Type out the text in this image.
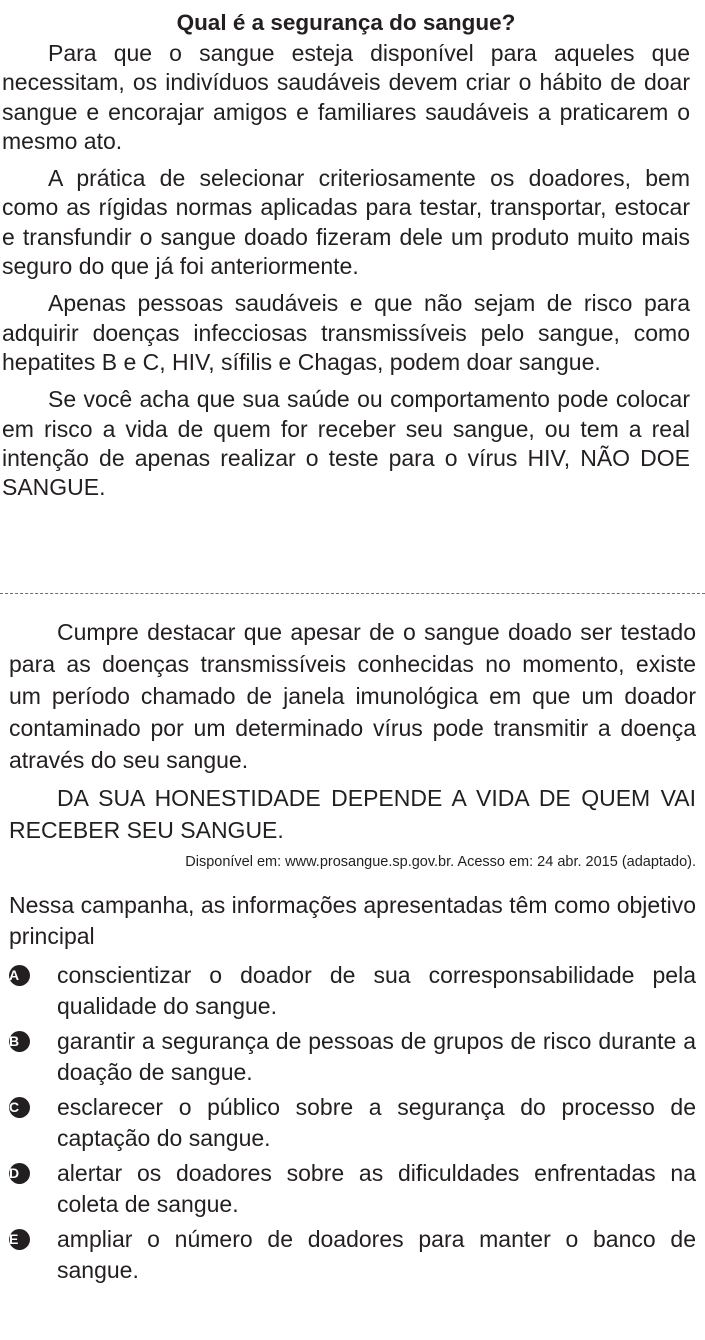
Qual é a segurança do sangue?

Para que o sangue esteja disponível para aqueles que necessitam, os indivíduos saudáveis devem criar o hábito de doar sangue e encorajar amigos e familiares saudáveis a praticarem o mesmo ato.

A prática de selecionar criteriosamente os doadores, bem como as rígidas normas aplicadas para testar, transportar, estocar e transfundir o sangue doado fizeram dele um produto muito mais seguro do que já foi anteriormente.

Apenas pessoas saudáveis e que não sejam de risco para adquirir doenças infecciosas transmissíveis pelo sangue, como hepatites B e C, HIV, sífilis e Chagas, podem doar sangue.

Se você acha que sua saúde ou comportamento pode colocar em risco a vida de quem for receber seu sangue, ou tem a real intenção de apenas realizar o teste para o vírus HIV, NÃO DOE SANGUE.

Cumpre destacar que apesar de o sangue doado ser testado para as doenças transmissíveis conhecidas no momento, existe um período chamado de janela imunológica em que um doador contaminado por um determinado vírus pode transmitir a doença através do seu sangue.

DA SUA HONESTIDADE DEPENDE A VIDA DE QUEM VAI RECEBER SEU SANGUE.

Disponível em: www.prosangue.sp.gov.br. Acesso em: 24 abr. 2015 (adaptado).
Nessa campanha, as informações apresentadas têm como objetivo principal
A	conscientizar o doador de sua corresponsabilidade pela qualidade do sangue.
B	garantir a segurança de pessoas de grupos de risco durante a doação de sangue.
C	esclarecer o público sobre a segurança do processo de captação do sangue.
D	alertar os doadores sobre as dificuldades enfrentadas na coleta de sangue.
E	ampliar o número de doadores para manter o banco de sangue.
